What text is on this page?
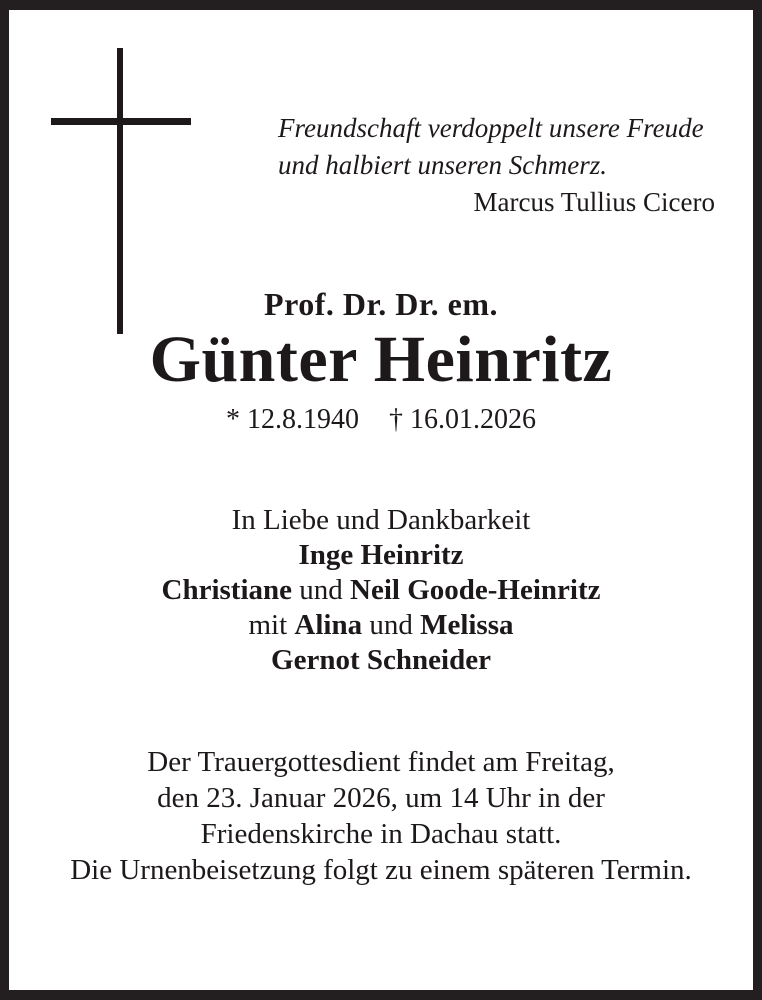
Freundschaft verdoppelt unsere Freude
und halbiert unseren Schmerz.
Marcus Tullius Cicero
Prof. Dr. Dr. em.
Günter Heinritz
* 12.8.1940 † 16.01.2026
In Liebe und Dankbarkeit
Inge Heinritz
Christiane und Neil Goode-Heinritz
mit Alina und Melissa
Gernot Schneider
Der Trauergottesdient findet am Freitag,
den 23. Januar 2026, um 14 Uhr in der
Friedenskirche in Dachau statt.
Die Urnenbeisetzung folgt zu einem späteren Termin.
